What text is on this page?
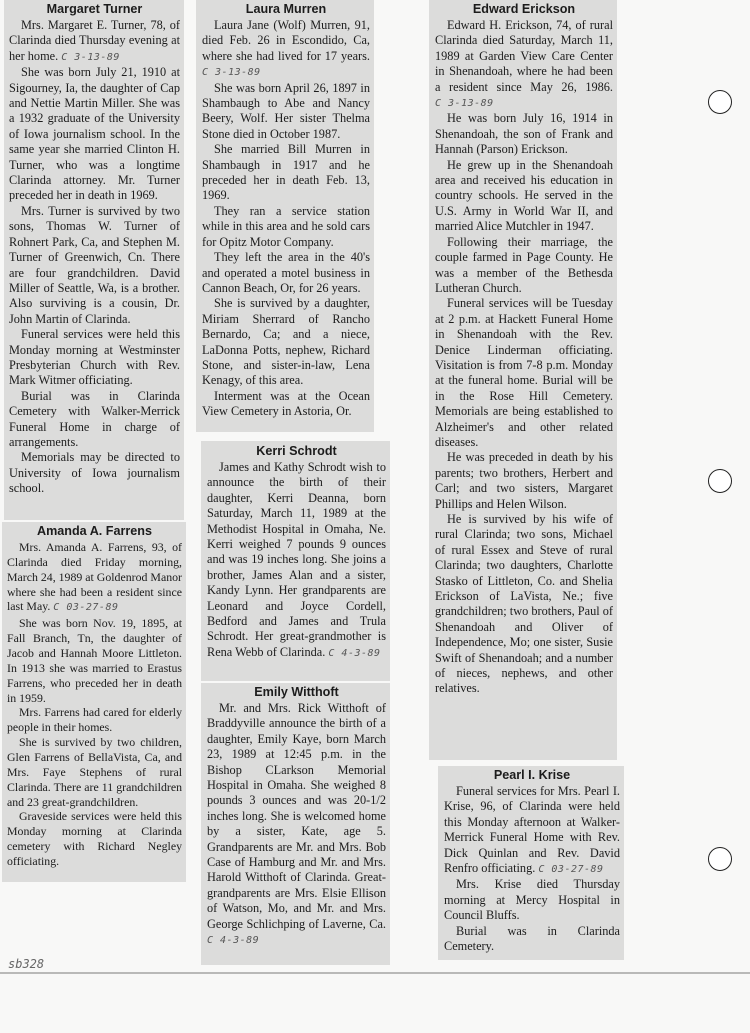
Margaret Turner

Mrs. Margaret E. Turner, 78, of Clarinda died Thursday evening at her home. C 3-13-89

She was born July 21, 1910 at Sigourney, Ia, the daughter of Cap and Nettie Martin Miller. She was a 1932 graduate of the University of Iowa journalism school. In the same year she married Clinton H. Turner, who was a longtime Clarinda attorney. Mr. Turner preceded her in death in 1969.

Mrs. Turner is survived by two sons, Thomas W. Turner of Rohnert Park, Ca, and Stephen M. Turner of Greenwich, Cn. There are four grandchildren. David Miller of Seattle, Wa, is a brother. Also surviving is a cousin, Dr. John Martin of Clarinda.

Funeral services were held this Monday morning at Westminster Presbyterian Church with Rev. Mark Witmer officiating.

Burial was in Clarinda Cemetery with Walker-Merrick Funeral Home in charge of arrangements.

Memorials may be directed to University of Iowa journalism school.

Amanda A. Farrens

Mrs. Amanda A. Farrens, 93, of Clarinda died Friday morning, March 24, 1989 at Goldenrod Manor where she had been a resident since last May. C 03-27-89

She was born Nov. 19, 1895, at Fall Branch, Tn, the daughter of Jacob and Hannah Moore Littleton. In 1913 she was married to Erastus Farrens, who preceded her in death in 1959.

Mrs. Farrens had cared for elderly people in their homes.

She is survived by two children, Glen Farrens of BellaVista, Ca, and Mrs. Faye Stephens of rural Clarinda. There are 11 grandchildren and 23 great-grandchildren.

Graveside services were held this Monday morning at Clarinda cemetery with Richard Negley officiating.

Laura Murren

Laura Jane (Wolf) Murren, 91, died Feb. 26 in Escondido, Ca, where she had lived for 17 years. C 3-13-89

She was born April 26, 1897 in Shambaugh to Abe and Nancy Beery, Wolf. Her sister Thelma Stone died in October 1987.

She married Bill Murren in Shambaugh in 1917 and he preceded her in death Feb. 13, 1969.

They ran a service station while in this area and he sold cars for Opitz Motor Company.

They left the area in the 40's and operated a motel business in Cannon Beach, Or, for 26 years.

She is survived by a daughter, Miriam Sherrard of Rancho Bernardo, Ca; and a niece, LaDonna Potts, nephew, Richard Stone, and sister-in-law, Lena Kenagy, of this area.

Interment was at the Ocean View Cemetery in Astoria, Or.

Kerri Schrodt

James and Kathy Schrodt wish to announce the birth of their daughter, Kerri Deanna, born Saturday, March 11, 1989 at the Methodist Hospital in Omaha, Ne. Kerri weighed 7 pounds 9 ounces and was 19 inches long. She joins a brother, James Alan and a sister, Kandy Lynn. Her grandparents are Leonard and Joyce Cordell, Bedford and James and Trula Schrodt. Her great-grandmother is Rena Webb of Clarinda. C 4-3-89

Emily Witthoft

Mr. and Mrs. Rick Witthoft of Braddyville announce the birth of a daughter, Emily Kaye, born March 23, 1989 at 12:45 p.m. in the Bishop CLarkson Memorial Hospital in Omaha. She weighed 8 pounds 3 ounces and was 20-1/2 inches long. She is welcomed home by a sister, Kate, age 5. Grandparents are Mr. and Mrs. Bob Case of Hamburg and Mr. and Mrs. Harold Witthoft of Clarinda. Great-grandparents are Mrs. Elsie Ellison of Watson, Mo, and Mr. and Mrs. George Schlichping of Laverne, Ca. C 4-3-89

Edward Erickson

Edward H. Erickson, 74, of rural Clarinda died Saturday, March 11, 1989 at Garden View Care Center in Shenandoah, where he had been a resident since May 26, 1986. C 3-13-89

He was born July 16, 1914 in Shenandoah, the son of Frank and Hannah (Parson) Erickson.

He grew up in the Shenandoah area and received his education in country schools. He served in the U.S. Army in World War II, and married Alice Mutchler in 1947.

Following their marriage, the couple farmed in Page County. He was a member of the Bethesda Lutheran Church.

Funeral services will be Tuesday at 2 p.m. at Hackett Funeral Home in Shenandoah with the Rev. Denice Linderman officiating. Visitation is from 7-8 p.m. Monday at the funeral home. Burial will be in the Rose Hill Cemetery. Memorials are being established to Alzheimer's and other related diseases.

He was preceded in death by his parents; two brothers, Herbert and Carl; and two sisters, Margaret Phillips and Helen Wilson.

He is survived by his wife of rural Clarinda; two sons, Michael of rural Essex and Steve of rural Clarinda; two daughters, Charlotte Stasko of Littleton, Co. and Shelia Erickson of LaVista, Ne.; five grandchildren; two brothers, Paul of Shenandoah and Oliver of Independence, Mo; one sister, Susie Swift of Shenandoah; and a number of nieces, nephews, and other relatives.

Pearl I. Krise

Funeral services for Mrs. Pearl I. Krise, 96, of Clarinda were held this Monday afternoon at Walker-Merrick Funeral Home with Rev. Dick Quinlan and Rev. David Renfro officiating. C 03-27-89

Mrs. Krise died Thursday morning at Mercy Hospital in Council Bluffs.

Burial was in Clarinda Cemetery.

sb328
